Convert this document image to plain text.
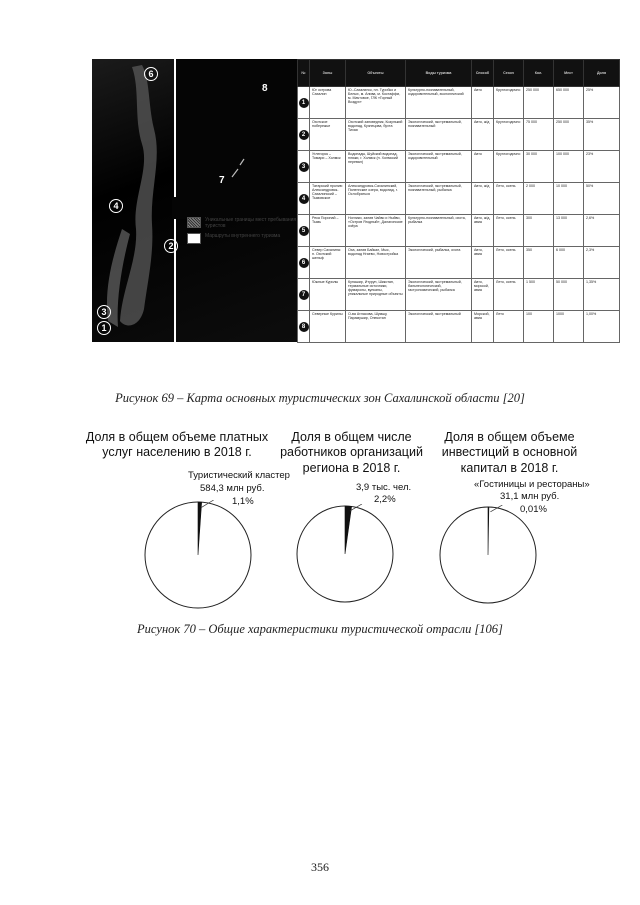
6
8
7
4
2
3
1
Уникальные границы мест пребывания туристов
Маршруты внутреннего туризма
№	Зоны	Объекты	Виды туризма	Способ	Сезон	Кол.	Мест	Доля
1	Юг острова Сахалин	Ю.-Сахалинск, пл. Туробко и Белых, м. Анива, м. Костаффи, м. Мачтовое, ГЛК «Горный Воздух»	Культурно-познавательный, оздоровительный, экологический	Авто	Круглогодично	250 000	650 000	25%
2	Охотское побережье	Охотский заповедник, Козулький водопад, Кузнецова, бухта Тихая	Экологический, экстремальный, познавательный	Авто, ж/д	Круглогодично	75 000	250 000	35%
3	Углегорск – Томари – Холмск	Водопады, Шуйский водопад, пляжи, г. Холмск (п. Холмский перевал)	Экологический, экстремальный, оздоровительный	Авто	Круглогодично	30 000	100 000	23%
4	Татарский пролив: Александровск-Сахалинский – Тымовское	Александровск-Сахалинский, Пиленгские озера, водопад, г. Ослобраться	Экологический, экстремальный, познавательный, рыбалка	Авто, ж/д	Лето, осень	2 000	10 000	50%
5	Река Поронай – Тымь	Ноглики, залив Чайво и Ныйво, «Остров Ягодный», Далагонские озёра	Культурно-познавательный, охота, рыбалка	Авто, ж/д, авиа	Лето, осень	300	13 000	2,6%
6	Север Сахалина: п. Охотский шельф	Оха, залив Байкал, Мыс, водопад Нгаево, Новостройка	Экологический, рыбалка, охота	Авто, авиа	Лето, осень	350	6 000	2,3%
7	Южные Курилы	Кунашир, Итуруп, Шикотан, термальные источники, фумаролы, вулканы, уникальные природные объекты	Экологический, экстремальный, бальнеологический, гастрономический, рыбалка	Авто, морской, авиа	Лето, осень	1 500	50 000	1,35%
8	Северные Курилы	О-ва Атласова, Шумшу, Парамушир, Онекотан	Экологический, экстремальный	Морской, авиа	Лето	100	1000	1,00%
Рисунок 69 – Карта основных туристических зон Сахалинской области [20]
Доля в общем объеме платных услуг населению в 2018 г.
Доля в общем числе работников организаций региона в 2018 г.
Доля в общем объеме инвестиций в основной капитал в 2018 г.
Туристический кластер
584,3 млн руб.
1,1%
3,9 тыс. чел.
2,2%
«Гостиницы и рестораны»
31,1 млн руб.
0,01%
Рисунок 70 – Общие характеристики туристической отрасли [106]
356
